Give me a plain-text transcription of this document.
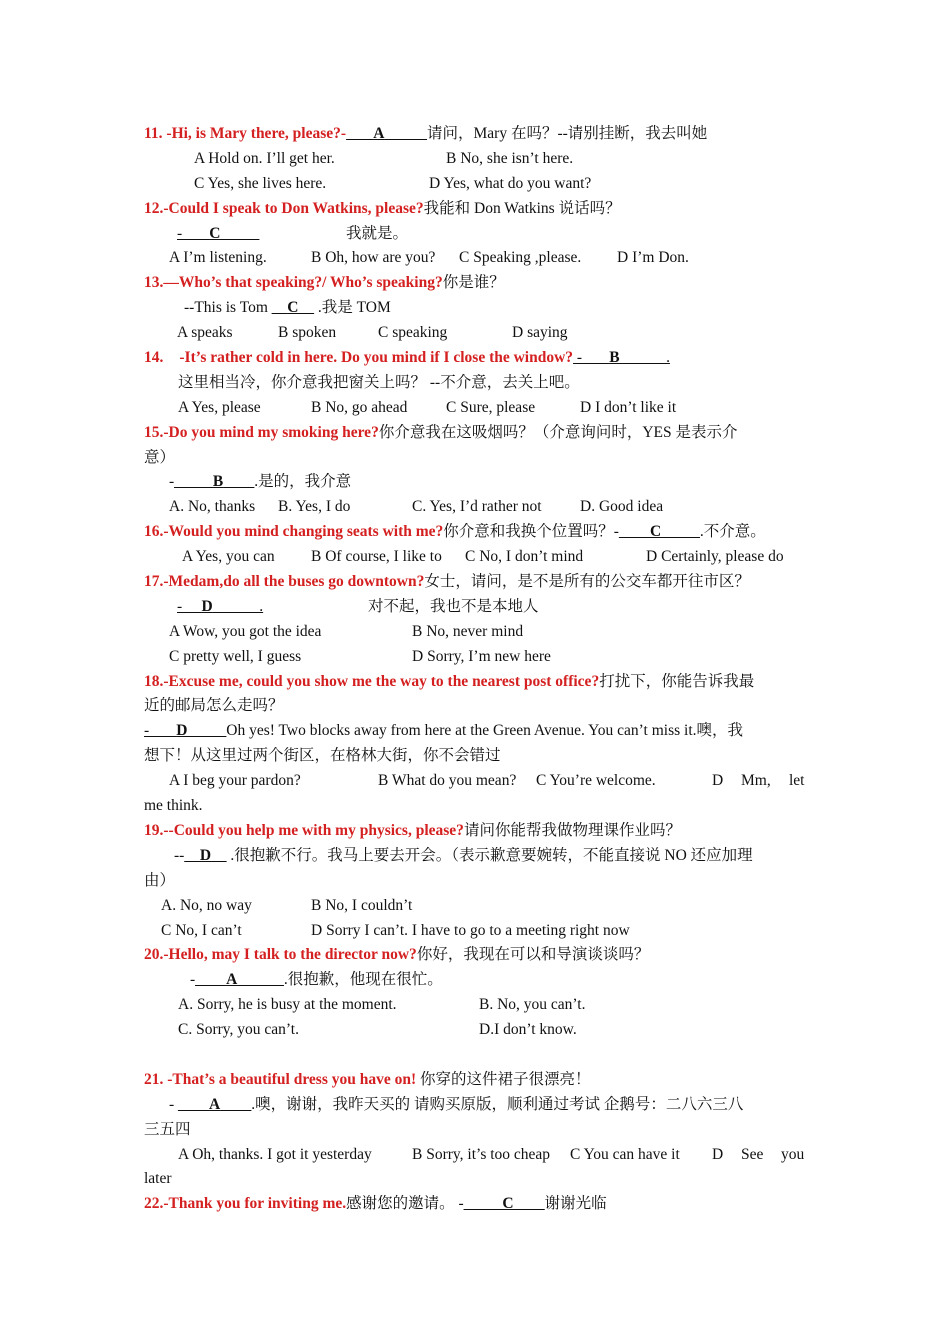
11. -Hi, is Mary there, please?- ___A_____ 请问，Mary 在吗？--请别挂断，我去叫她
A Hold on. I’ll get her.	B No, she isn’t here.
C Yes, she lives here.	D Yes, what do you want?
12.-Could I speak to Don Watkins, please?我能和 Don Watkins 说话吗？
- ___C_____	我就是。
A I’m listening.	B Oh, how are you? C Speaking ,please. D I’m Don.
13.—Who’s that speaking?/ Who’s speaking?你是谁？
--This is Tom __C__ .我是 TOM
A speaks	B spoken	C speaking	D saying
14. -It’s rather cold in here. Do you mind if I close the window? - ___B______.
这里相当冷，你介意我把窗关上吗？ --不介意，去关上吧。
A Yes, please	B No, go ahead C Sure, please	D I don’t like it
15.-Do you mind my smoking here?你介意我在这吸烟吗？（介意询问时，YES 是表示介
意）
-_____B____.是的，我介意
A. No, thanks B. Yes, I do	C. Yes, I’d rather not D. Good idea
16.-Would you mind changing seats with me?你介意和我换个位置吗？-____C_____.不介意。
A Yes, you can B Of course, I like to C No, I don’t mind	D Certainly, please do
17.-Medam,do all the buses go downtown?女士，请问，是不是所有的公交车都开往市区？
- __D______.	对不起，我也不是本地人
A Wow, you got the idea	B No, never mind
C pretty well, I guess	D Sorry, I’m new here
18.-Excuse me, could you show me the way to the nearest post office?打扰下，你能告诉我最
近的邮局怎么走吗？
- ___D_____Oh yes! Two blocks away from here at the Green Avenue. You can’t miss it.噢，我
想下！从这里过两个街区，在格林大街，你不会错过
A I beg your pardon?	B What do you mean? C You’re welcome.	D Mm, let
me think.
19.--Could you help me with my physics, please?请问你能帮我做物理课作业吗？
--__D__ .很抱歉不行。我马上要去开会。（表示歉意要婉转，不能直接说 NO 还应加理
由）
A. No, no way	B No, I couldn’t
C No, I can’t	D Sorry I can’t. I have to go to a meeting right now
20.-Hello, may I talk to the director now?你好，我现在可以和导演谈谈吗？
-____A______.很抱歉，他现在很忙。
A. Sorry, he is busy at the moment.	B. No, you can’t.
C. Sorry, you can’t.	D.I don’t know.
21. -That’s a beautiful dress you have on! 你穿的这件裙子很漂亮！
- ____A____.噢，谢谢，我昨天买的 请购买原版，顺利通过考试 企鹅号：二八六三八
三五四
A Oh, thanks. I got it yesterday	B Sorry, it’s too cheap C You can have it D See you
later
22.-Thank you for inviting me.感谢您的邀请。 -_____C____谢谢光临
